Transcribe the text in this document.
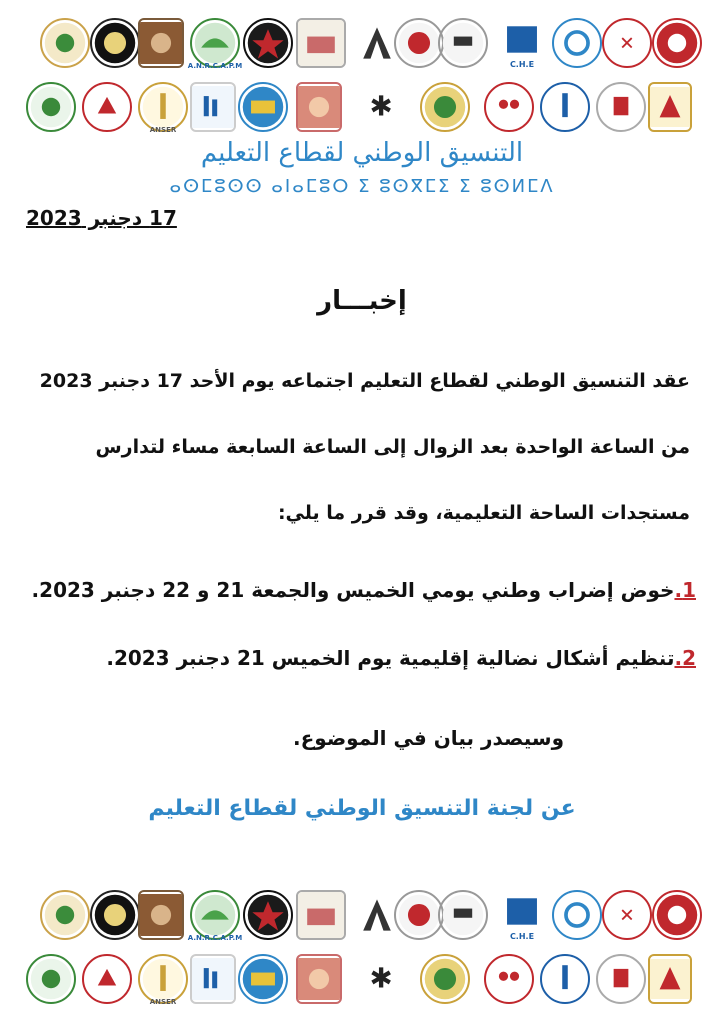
A.N.R.C.A.P.M	C.H.E
✕
ANSER
✱
التنسيق الوطني لقطاع التعليم
ⴰⵙⵎⵓⵙⵙ ⴰⵏⴰⵎⵓⵔ ⵉ ⵓⵙⴳⵎⵉ ⵉ ⵓⵙⵍⵎⴷ
17 دجنبر 2023
إخبـــار
عقد التنسيق الوطني لقطاع التعليم اجتماعه يوم الأحد 17 دجنبر 2023
من الساعة الواحدة بعد الزوال إلى الساعة السابعة مساء لتدارس
مستجدات الساحة التعليمية، وقد قرر ما يلي:
1.خوض إضراب وطني يومي الخميس والجمعة 21 و 22 دجنبر 2023.
2.تنظيم أشكال نضالية إقليمية يوم الخميس 21 دجنبر 2023.
وسيصدر بيان في الموضوع.
عن لجنة التنسيق الوطني لقطاع التعليم
A.N.R.C.A.P.M	C.H.E
✕
ANSER
✱
